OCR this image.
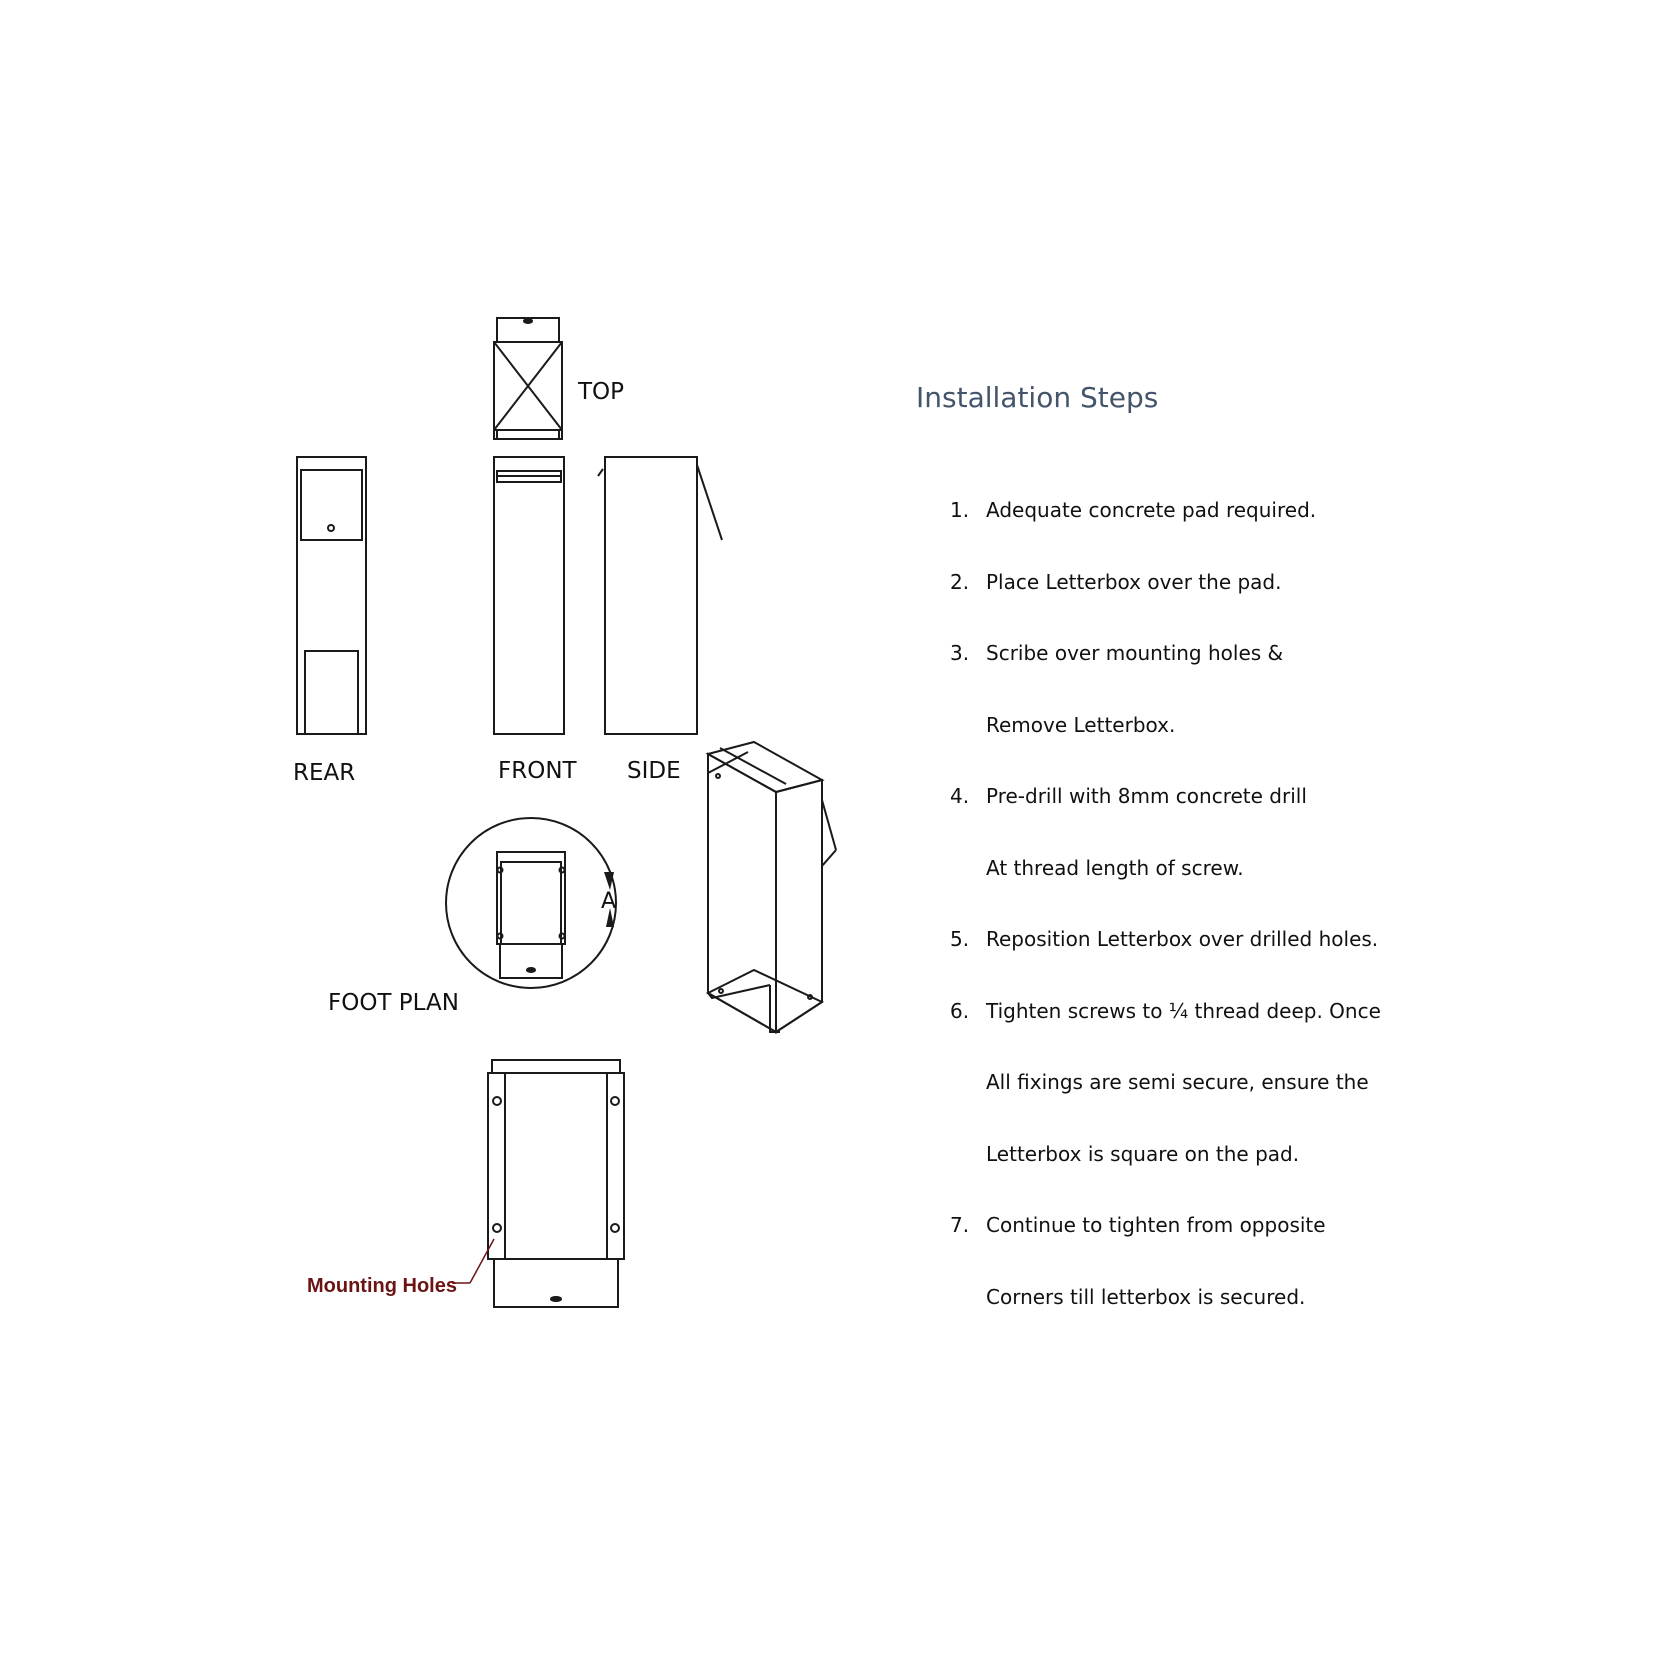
TOP
REAR	FRONT SIDE
FOOT PLAN
A
Mounting Holes
Installation Steps
1. Adequate concrete pad required.
2. Place Letterbox over the pad.
3. Scribe over mounting holes &
Remove Letterbox.
4. Pre-drill with 8mm concrete drill
At thread length of screw.
5. Reposition Letterbox over drilled holes.
6. Tighten screws to ¼ thread deep. Once
All fixings are semi secure, ensure the
Letterbox is square on the pad.
7. Continue to tighten from opposite
Corners till letterbox is secured.
